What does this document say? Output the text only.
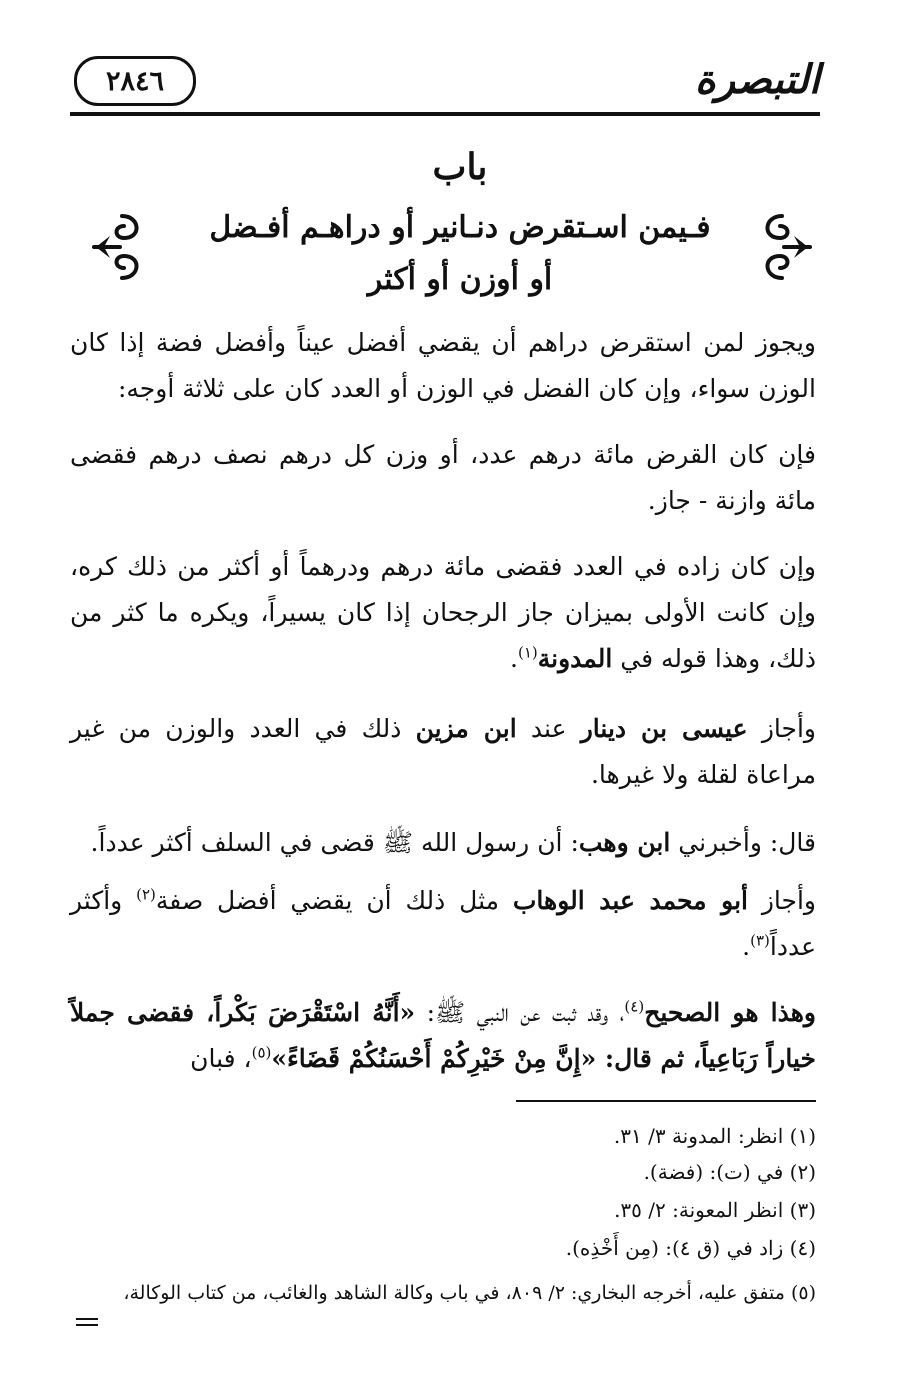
٢٨٤٦	التبصرة
باب
فـيمن اسـتقرض دنـانير أو دراهـم أفـضل
أو أوزن أو أكثر

ويجوز لمن استقرض دراهم أن يقضي أفضل عيناً وأفضل فضة إذا كان الوزن سواء، وإن كان الفضل في الوزن أو العدد كان على ثلاثة أوجه:

فإن كان القرض مائة درهم عدد، أو وزن كل درهم نصف درهم فقضى مائة وازنة - جاز.

وإن كان زاده في العدد فقضى مائة درهم ودرهماً أو أكثر من ذلك كره، وإن كانت الأولى بميزان جاز الرجحان إذا كان يسيراً، ويكره ما كثر من ذلك، وهذا قوله في المدونة$^{(١)}$.

وأجاز عيسى بن دينار عند ابن مزين ذلك في العدد والوزن من غير مراعاة لقلة ولا غيرها.

قال: وأخبرني ابن وهب: أن رسول الله ﷺ قضى في السلف أكثر عدداً.

وأجاز أبو محمد عبد الوهاب مثل ذلك أن يقضي أفضل صفة$^{(٢)}$ وأكثر عدداً$^{(٣)}$.

وهذا هو الصحيح$^{(٤)}$، وقد ثبت عن النبي ﷺ: «أَنَّهُ اسْتَقْرَضَ بَكْراً، فقضى جملاً خياراً رَبَاعِياً، ثم قال: «إِنَّ مِنْ خَيْرِكُمْ أَحْسَنُكُمْ قَضَاءً»$^{(٥)}$، فبان

(١) انظر: المدونة ٣/ ٣١.
(٢) في (ت): (فضة).
(٣) انظر المعونة: ٢/ ٣٥.
(٤) زاد في (ق ٤): (مِن أَخْذِه).
(٥) متفق عليه، أخرجه البخاري: ٢/ ٨٠٩، في باب وكالة الشاهد والغائب، من كتاب الوكالة،
